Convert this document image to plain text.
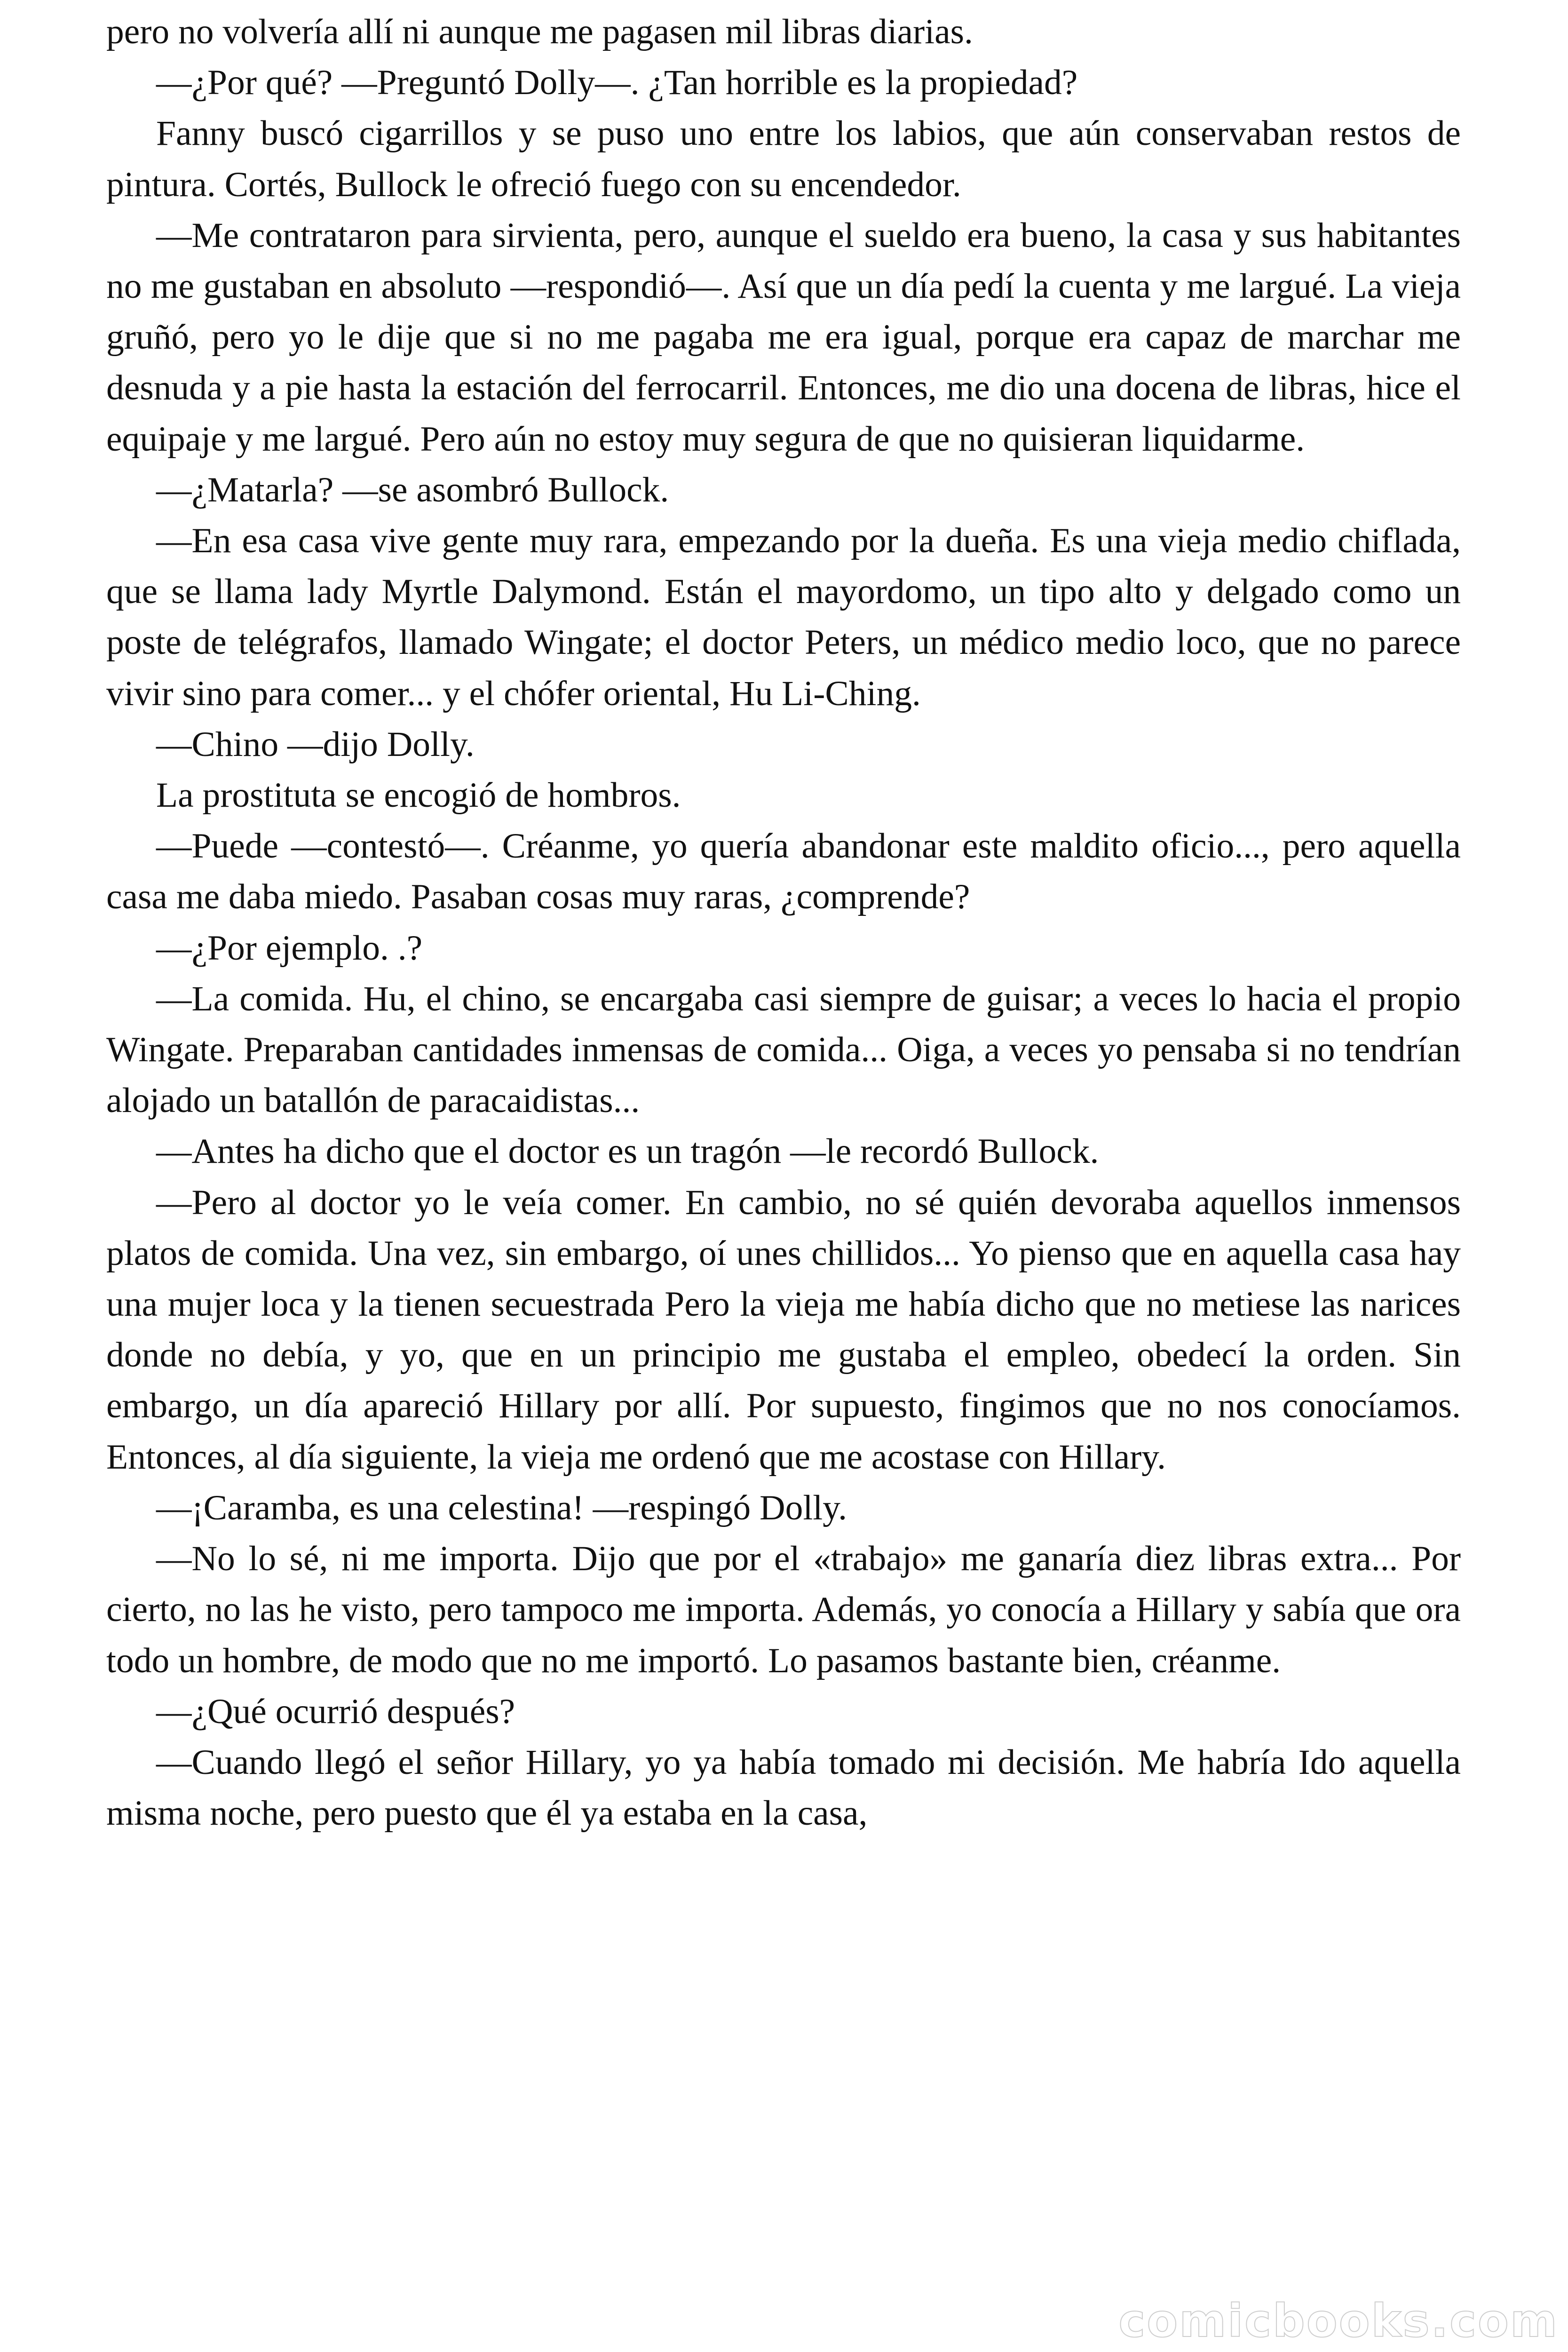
pero no volvería allí ni aunque me pagasen mil libras diarias.

—¿Por qué? —Preguntó Dolly—. ¿Tan horrible es la propiedad?

Fanny buscó cigarrillos y se puso uno entre los labios, que aún conservaban restos de pintura. Cortés, Bullock le ofreció fuego con su encendedor.

—Me contrataron para sirvienta, pero, aunque el sueldo era bueno, la casa y sus habitantes no me gustaban en absoluto —respondió—. Así que un día pedí la cuenta y me largué. La vieja gruñó, pero yo le dije que si no me pagaba me era igual, porque era capaz de marchar me desnuda y a pie hasta la estación del ferrocarril. Entonces, me dio una docena de libras, hice el equipaje y me largué. Pero aún no estoy muy segura de que no quisieran liquidarme.

—¿Matarla? —se asombró Bullock.

—En esa casa vive gente muy rara, empezando por la dueña. Es una vieja medio chiflada, que se llama lady Myrtle Dalymond. Están el mayordomo, un tipo alto y delgado como un poste de telégrafos, llamado Wingate; el doctor Peters, un médico medio loco, que no parece vivir sino para comer... y el chófer oriental, Hu Li-Ching.

—Chino —dijo Dolly.

La prostituta se encogió de hombros.

—Puede —contestó—. Créanme, yo quería abandonar este maldito oficio..., pero aquella casa me daba miedo. Pasaban cosas muy raras, ¿comprende?

—¿Por ejemplo. .?

—La comida. Hu, el chino, se encargaba casi siempre de guisar; a veces lo hacia el propio Wingate. Preparaban cantidades inmensas de comida... Oiga, a veces yo pensaba si no tendrían alojado un batallón de paracaidistas...

—Antes ha dicho que el doctor es un tragón —le recordó Bullock.

—Pero al doctor yo le veía comer. En cambio, no sé quién devoraba aquellos inmensos platos de comida. Una vez, sin embargo, oí unes chillidos... Yo pienso que en aquella casa hay una mujer loca y la tienen secuestrada Pero la vieja me había dicho que no metiese las narices donde no debía, y yo, que en un principio me gustaba el empleo, obedecí la orden. Sin embargo, un día apareció Hillary por allí. Por supuesto, fingimos que no nos conocíamos. Entonces, al día siguiente, la vieja me ordenó que me acostase con Hillary.

—¡Caramba, es una celestina! —respingó Dolly.

—No lo sé, ni me importa. Dijo que por el «trabajo» me ganaría diez libras extra... Por cierto, no las he visto, pero tampoco me importa. Además, yo conocía a Hillary y sabía que ora todo un hombre, de modo que no me importó. Lo pasamos bastante bien, créanme.

—¿Qué ocurrió después?

—Cuando llegó el señor Hillary, yo ya había tomado mi decisión. Me habría Ido aquella misma noche, pero puesto que él ya estaba en la casa,

comicbooks.com
